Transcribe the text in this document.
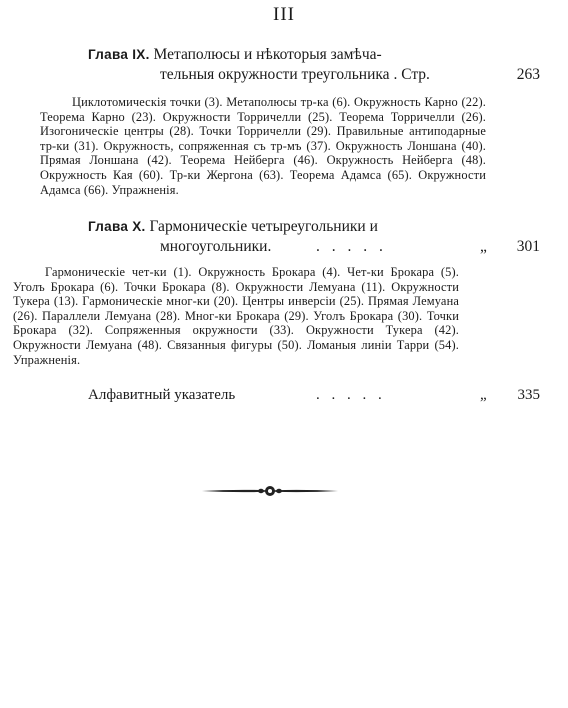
III
Глава IX. Метаполюсы и нѣкоторыя замѣча-
тельныя окружности треугольника . Стр.	263
Циклотомическія точки (3). Метаполюсы тр-ка (6). Окружность Карно (22). Теорема Карно (23). Окружности Торричелли (25). Теорема Торричелли (26). Изогоническіе центры (28). Точки Торричелли (29). Правильные антиподарные тр-ки (31). Окружность, сопряженная съ тр-мъ (37). Окружность Лоншана (40). Прямая Лоншана (42). Теорема Нейберга (46). Окружность Нейберга (48). Окружность Кая (60). Тр-ки Жергона (63). Теорема Адамса (65). Окружности Адамса (66). Упражненія.
Глава X. Гармоническіе четыреугольники и
многоугольники.	. . . . .	„ 301
Гармоническіе чет-ки (1). Окружность Брокара (4). Чет-ки Брокара (5). Уголъ Брокара (6). Точки Брокара (8). Окружности Лемуана (11). Окружности Тукера (13). Гармоническіе мног-ки (20). Центры инверсіи (25). Прямая Лемуана (26). Параллели Лемуана (28). Мног-ки Брокара (29). Уголъ Брокара (30). Точки Брокара (32). Сопряженныя окружности (33). Окружности Тукера (42). Окружности Лемуана (48). Связанныя фигуры (50). Ломаныя линіи Тарри (54). Упражненія.
Алфавитный указатель	. . . . .	„ 335
